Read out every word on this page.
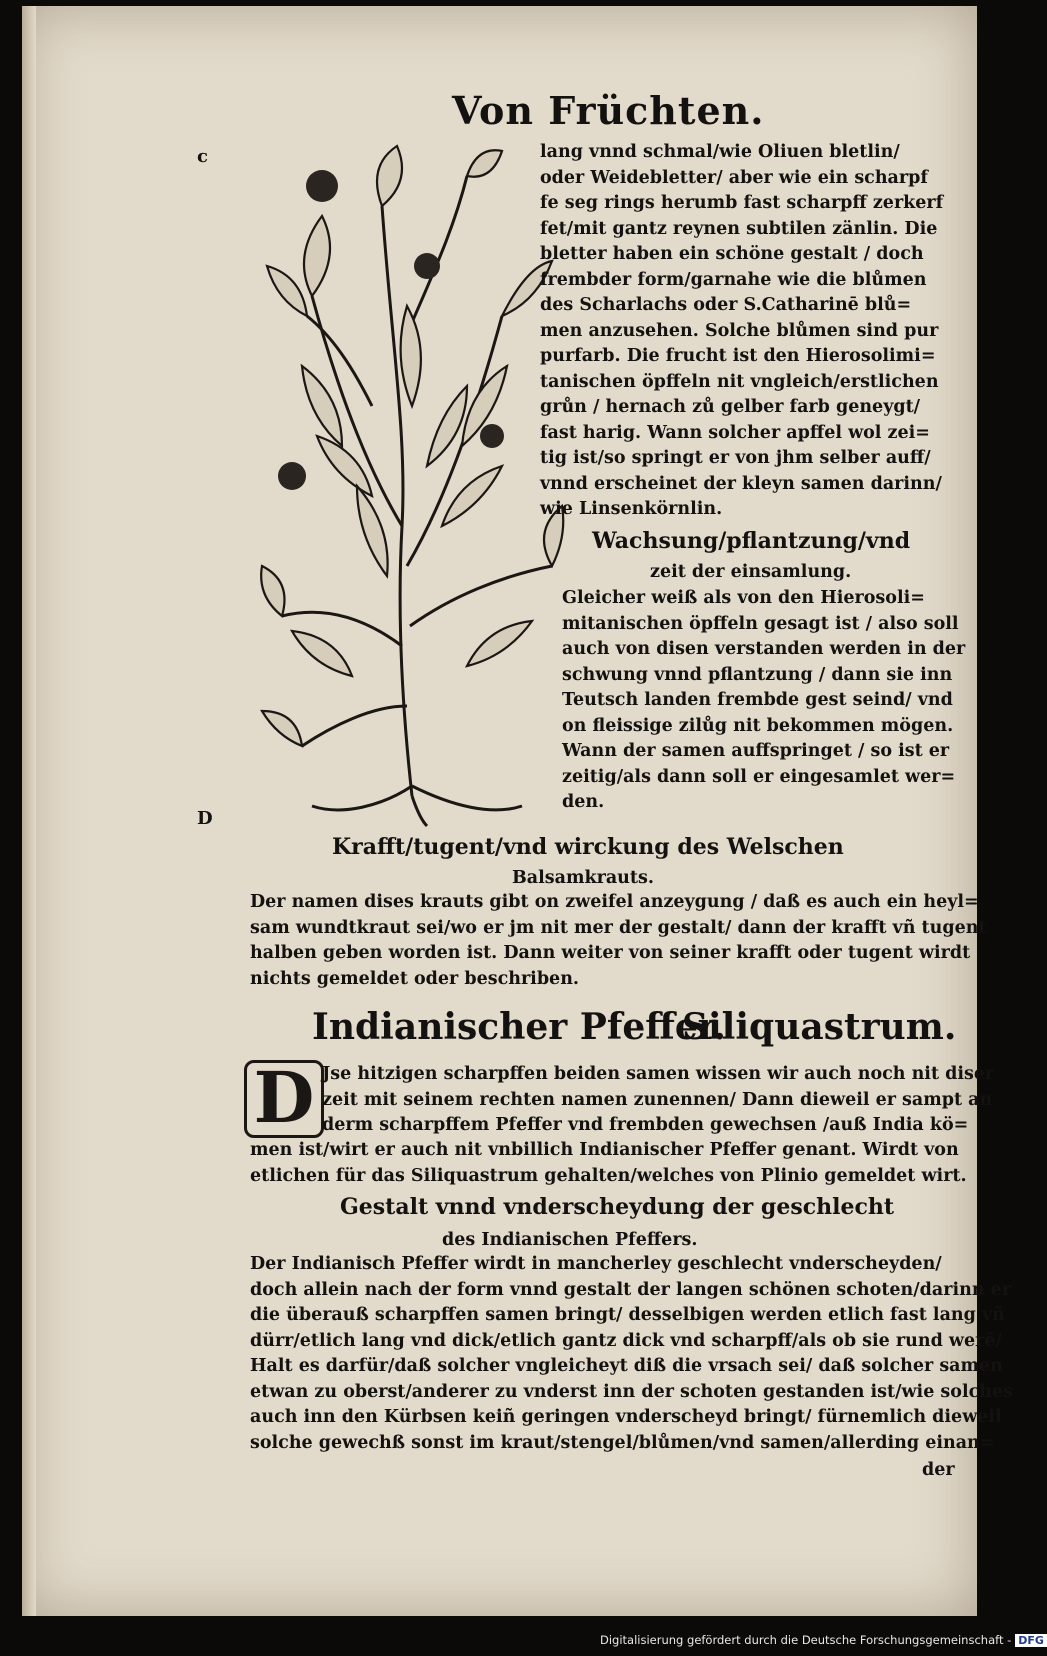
Von Früchten.
c
D
lang vnnd schmal/wie Oliuen bletlin/
oder Weidebletter/ aber wie ein scharpf
fe seg rings herumb fast scharpff zerkerf
fet/mit gantz reynen subtilen zänlin. Die
bletter haben ein schöne gestalt / doch
frembder form/garnahe wie die blůmen
des Scharlachs oder S.Catharinē blů=
men anzusehen. Solche blůmen sind pur
purfarb. Die frucht ist den Hierosolimi=
tanischen öpffeln nit vngleich/erstlichen
grůn / hernach zů gelber farb geneygt/
fast harig. Wann solcher apffel wol zei=
tig ist/so springt er von jhm selber auff/
vnnd erscheinet der kleyn samen darinn/
wie Linsenkörnlin.
Wachsung/pflantzung/vnd
zeit der einsamlung.
Gleicher weiß als von den Hierosoli=
mitanischen öpffeln gesagt ist / also soll
auch von disen verstanden werden in der
schwung vnnd pflantzung / dann sie inn
Teutsch landen frembde gest seind/ vnd
on fleissige zilůg nit bekommen mögen.
Wann der samen auffspringet / so ist er
zeitig/als dann soll er eingesamlet wer=
den.
Krafft/tugent/vnd wirckung des Welschen
Balsamkrauts.
Der namen dises krauts gibt on zweifel anzeygung / daß es auch ein heyl=
sam wundtkraut sei/wo er jm nit mer der gestalt/ dann der krafft vñ tugent
halben geben worden ist. Dann weiter von seiner krafft oder tugent wirdt
nichts gemeldet oder beschriben.
Indianischer Pfeffer.
Siliquastrum.
D Jse hitzigen scharpffen beiden samen wissen wir auch noch nit diser
zeit mit seinem rechten namen zunennen/ Dann dieweil er sampt an
derm scharpffem Pfeffer vnd frembden gewechsen /auß India kö=
men ist/wirt er auch nit vnbillich Indianischer Pfeffer genant. Wirdt von
etlichen für das Siliquastrum gehalten/welches von Plinio gemeldet wirt.
Gestalt vnnd vnderscheydung der geschlecht
des Indianischen Pfeffers.
Der Indianisch Pfeffer wirdt in mancherley geschlecht vnderscheyden/
doch allein nach der form vnnd gestalt der langen schönen schoten/darinn er
die überauß scharpffen samen bringt/ desselbigen werden etlich fast lang vñ
dürr/etlich lang vnd dick/etlich gantz dick vnd scharpff/als ob sie rund werē/
Halt es darfür/daß solcher vngleicheyt diß die vrsach sei/ daß solcher samen
etwan zu oberst/anderer zu vnderst inn der schoten gestanden ist/wie solches
auch inn den Kürbsen keiñ geringen vnderscheyd bringt/ fürnemlich dieweil
solche gewechß sonst im kraut/stengel/blůmen/vnd samen/allerding einan=
der
Digitalisierung gefördert durch die Deutsche Forschungsgemeinschaft - DFG
